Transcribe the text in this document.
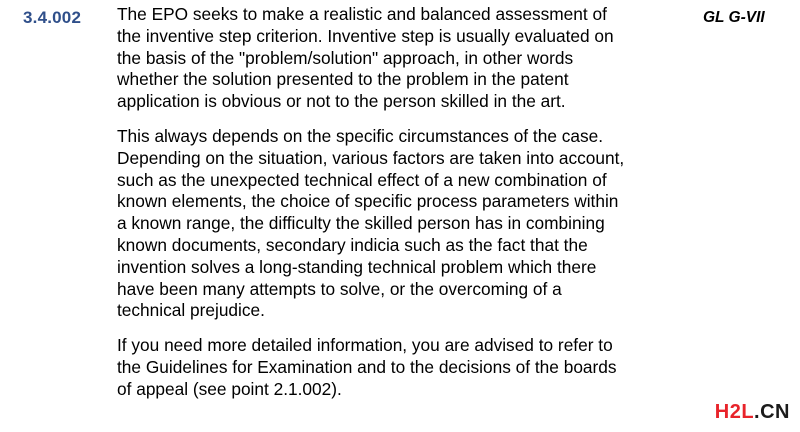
3.4.002 The EPO seeks to make a realistic and balanced assessment of
the inventive step criterion. Inventive step is usually evaluated on
the basis of the "problem/solution" approach, in other words
whether the solution presented to the problem in the patent
application is obvious or not to the person skilled in the art.

This always depends on the specific circumstances of the case.
Depending on the situation, various factors are taken into account,
such as the unexpected technical effect of a new combination of
known elements, the choice of specific process parameters within
a known range, the difficulty the skilled person has in combining
known documents, secondary indicia such as the fact that the
invention solves a long-standing technical problem which there
have been many attempts to solve, or the overcoming of a
technical prejudice.

If you need more detailed information, you are advised to refer to
the Guidelines for Examination and to the decisions of the boards
of appeal (see point 2.1.002).

GL G-VII
H2L.CN
